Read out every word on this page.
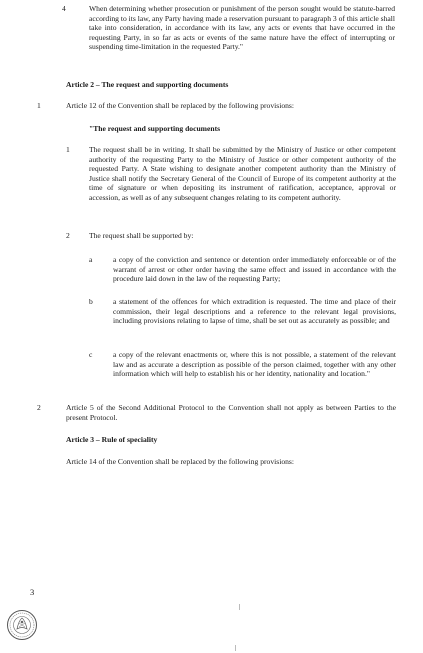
4	When determining whether prosecution or punishment of the person sought would be statute-barred according to its law, any Party having made a reservation pursuant to paragraph 3 of this article shall take into consideration, in accordance with its law, any acts or events that have occurred in the requesting Party, in so far as acts or events of the same nature have the effect of interrupting or suspending time-limitation in the requested Party."
Article 2 – The request and supporting documents
1	Article 12 of the Convention shall be replaced by the following provisions:
"The request and supporting documents
1	The request shall be in writing. It shall be submitted by the Ministry of Justice or other competent authority of the requesting Party to the Ministry of Justice or other competent authority of the requested Party. A State wishing to designate another competent authority than the Ministry of Justice shall notify the Secretary General of the Council of Europe of its competent authority at the time of signature or when depositing its instrument of ratification, acceptance, approval or accession, as well as of any subsequent changes relating to its competent authority.
2	The request shall be supported by:
a	a copy of the conviction and sentence or detention order immediately enforceable or of the warrant of arrest or other order having the same effect and issued in accordance with the procedure laid down in the law of the requesting Party;
b	a statement of the offences for which extradition is requested. The time and place of their commission, their legal descriptions and a reference to the relevant legal provisions, including provisions relating to lapse of time, shall be set out as accurately as possible; and
c	a copy of the relevant enactments or, where this is not possible, a statement of the relevant law and as accurate a description as possible of the person claimed, together with any other information which will help to establish his or her identity, nationality and location."
2	Article 5 of the Second Additional Protocol to the Convention shall not apply as between Parties to the present Protocol.
Article 3 – Rule of speciality
Article 14 of the Convention shall be replaced by the following provisions:
3
